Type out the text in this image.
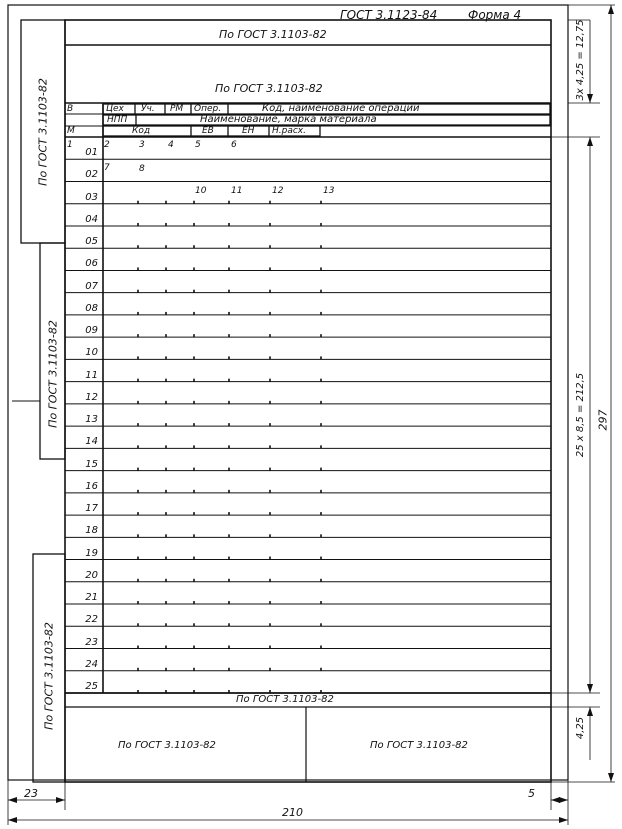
ГОСТ 3.1123-84	Форма 4
По ГОСТ 3.1103-82
По ГОСТ 3.1103-82
По ГОСТ 3.1103-82
По ГОСТ 3.1103-82	По ГОСТ 3.1103-82
По ГОСТ 3.1103-82
По ГОСТ 3.1103-82
По ГОСТ 3.1103-82
В	Цех Уч. РМ Опер.	Код, наименование операции
НПП	Наименование, марка материала
М	Код	ЕВ	ЕН Н.расх.
1	2	3	4 5	6
7	8
10	11	12	13
01
02
03
04
05
06
07
08
09
10
11
12
13
14
15
16
17
18
19
20
21
22
23
24
25
3х 4,25 = 12,75
25 х 8,5 = 212,5 297
4,25
23	5
210
